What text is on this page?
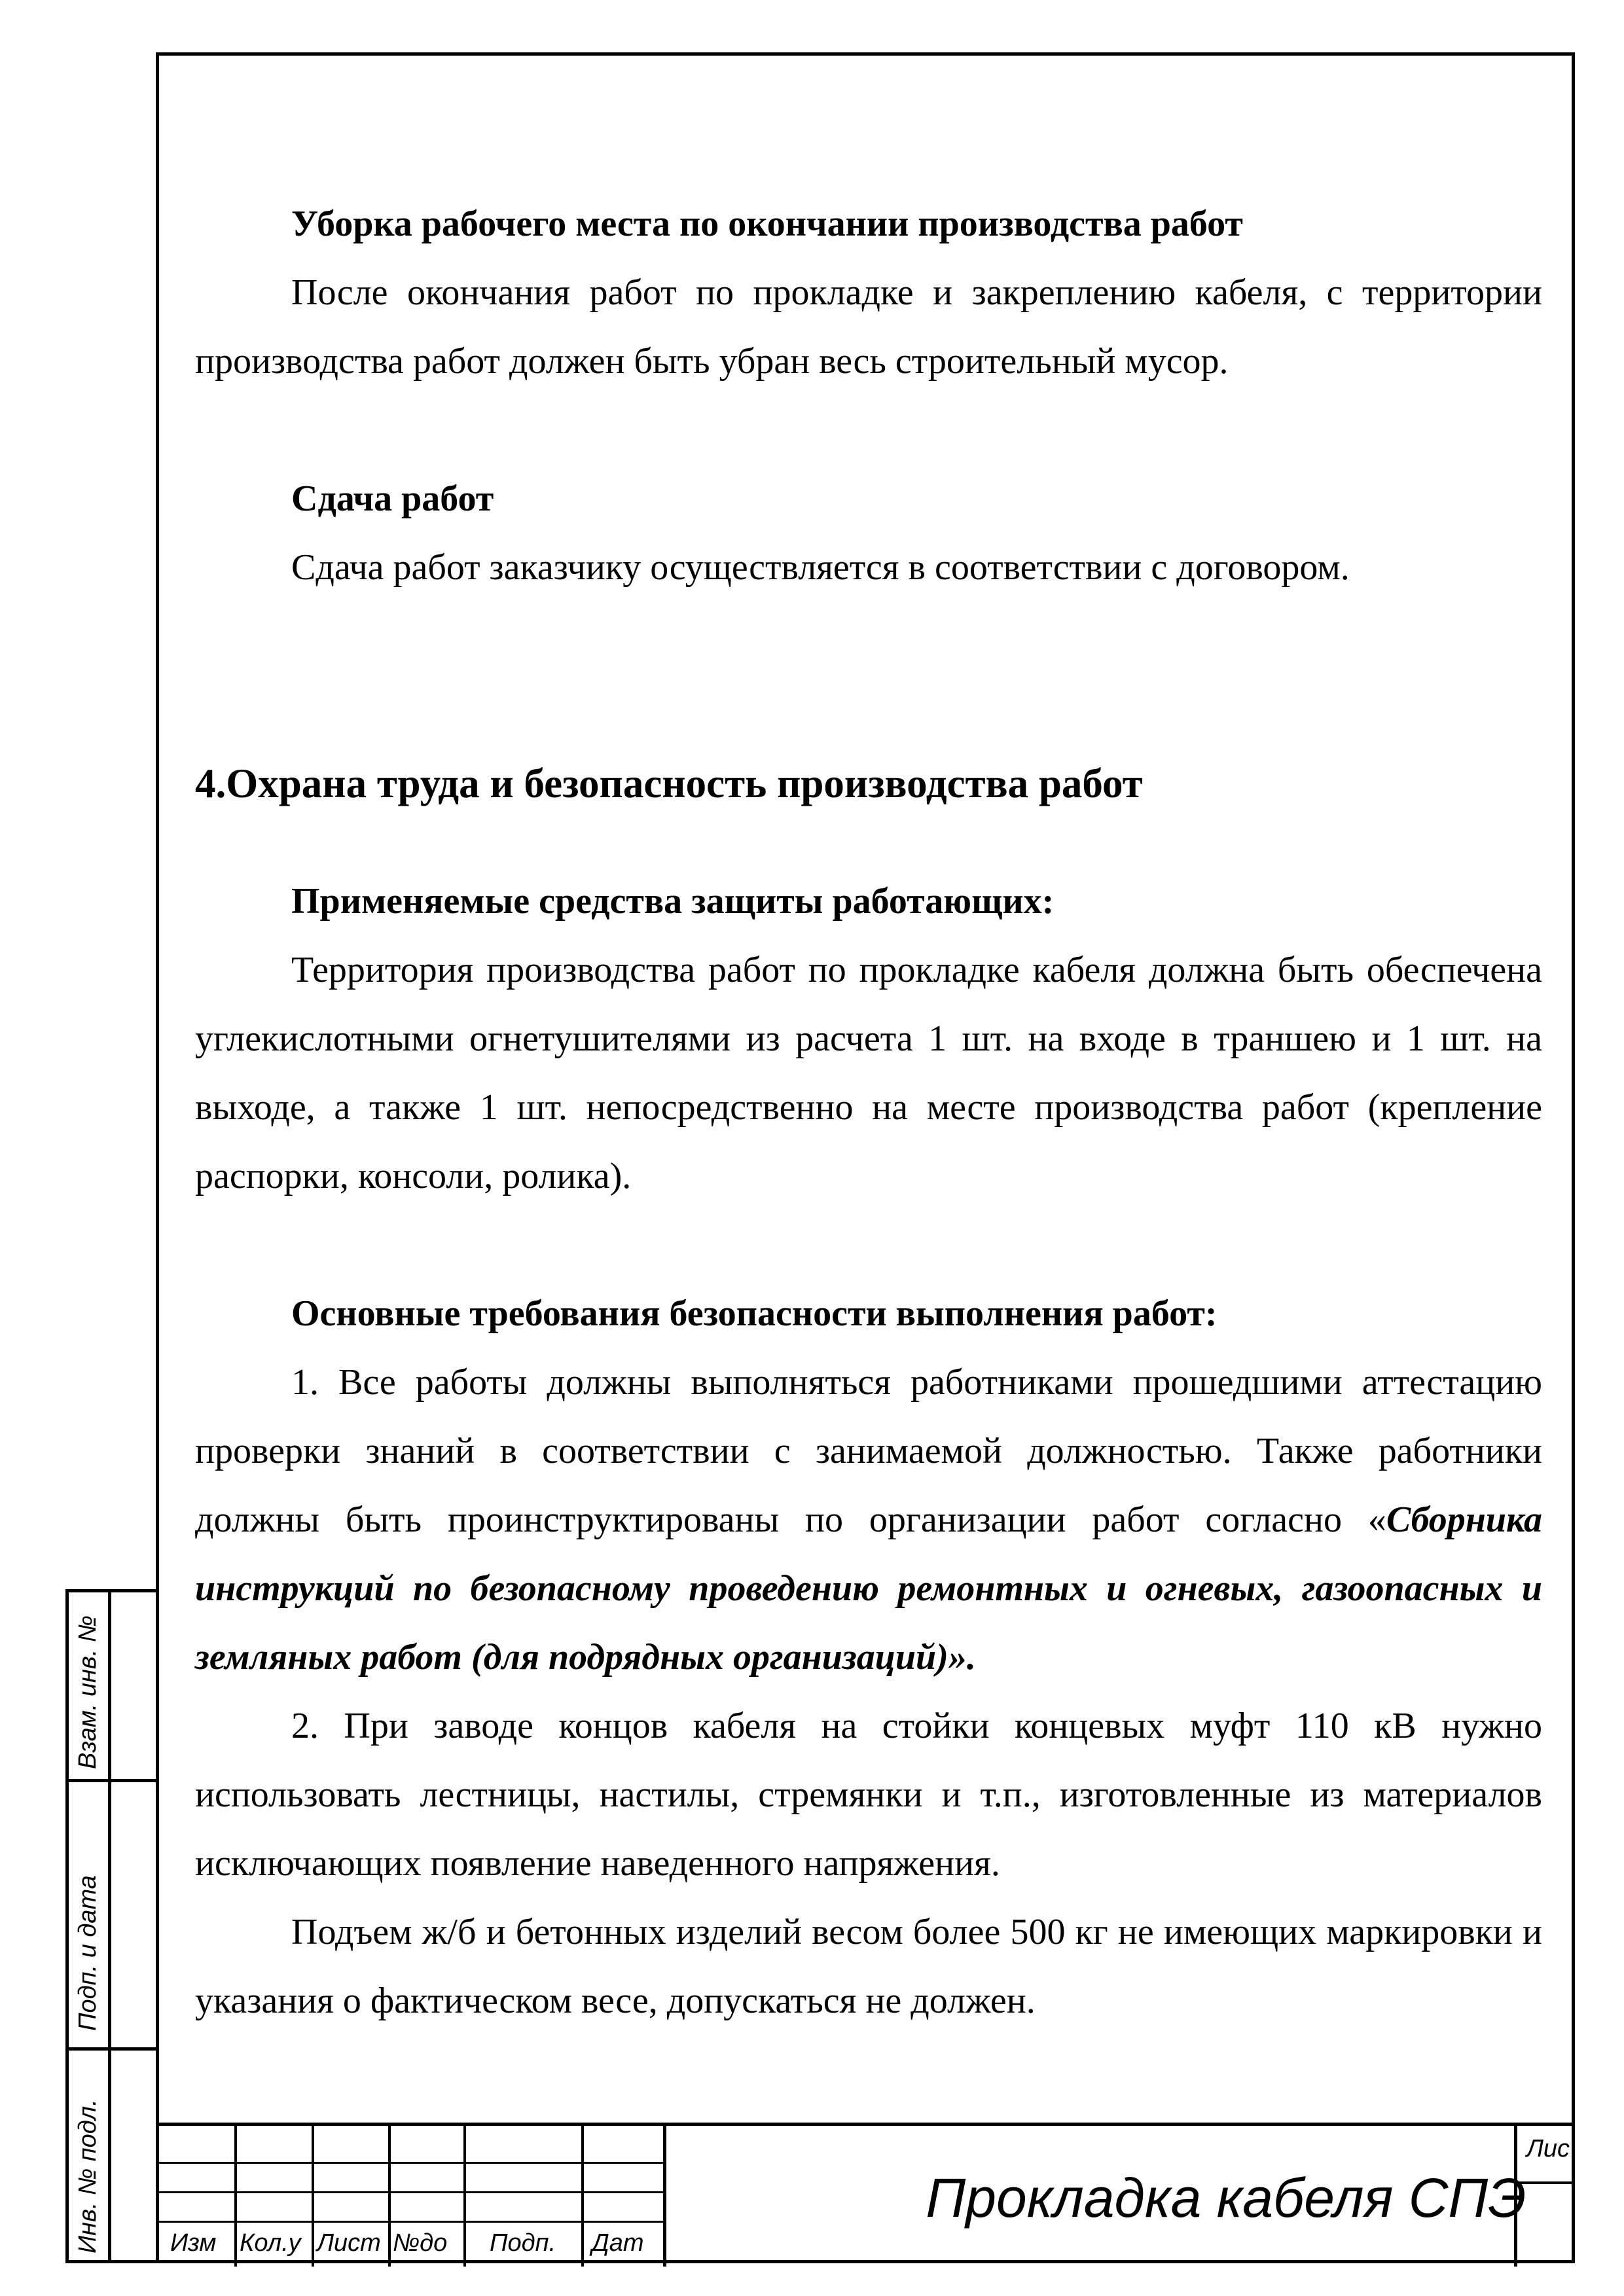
Уборка рабочего места по окончании производства работ

После окончания работ по прокладке и закреплению кабеля, с территории производства работ должен быть убран весь строительный мусор.

Сдача работ

Сдача работ заказчику осуществляется в соответствии с договором.

4.Охрана труда и безопасность производства работ

Применяемые средства защиты работающих:

Территория производства работ по прокладке кабеля должна быть обеспечена углекислотными огнетушителями из расчета 1 шт. на входе в траншею и 1 шт. на выходе, а также 1 шт. непосредственно на месте производства работ (крепление распорки, консоли, ролика).

Основные требования безопасности выполнения работ:

1. Все работы должны выполняться работниками прошедшими аттестацию проверки знаний в соответствии с занимаемой должностью. Также работники должны быть проинструктированы по организации работ согласно «Сборника инструкций по безопасному проведению ремонтных и огневых, газоопасных и земляных работ (для подрядных организаций)».

2. При заводе концов кабеля на стойки концевых муфт 110 кВ нужно использовать лестницы, настилы, стремянки и т.п., изготовленные из материалов исключающих появление наведенного напряжения.

Подъем ж/б и бетонных изделий весом более 500 кг не имеющих маркировки и указания о фактическом весе, допускаться не должен.

Взам. инв. №
Подп. и дата
Инв. № подл.	Изм Кол.у Лист №до Подп. Дат
Прокладка кабеля СПЭ
Лис
